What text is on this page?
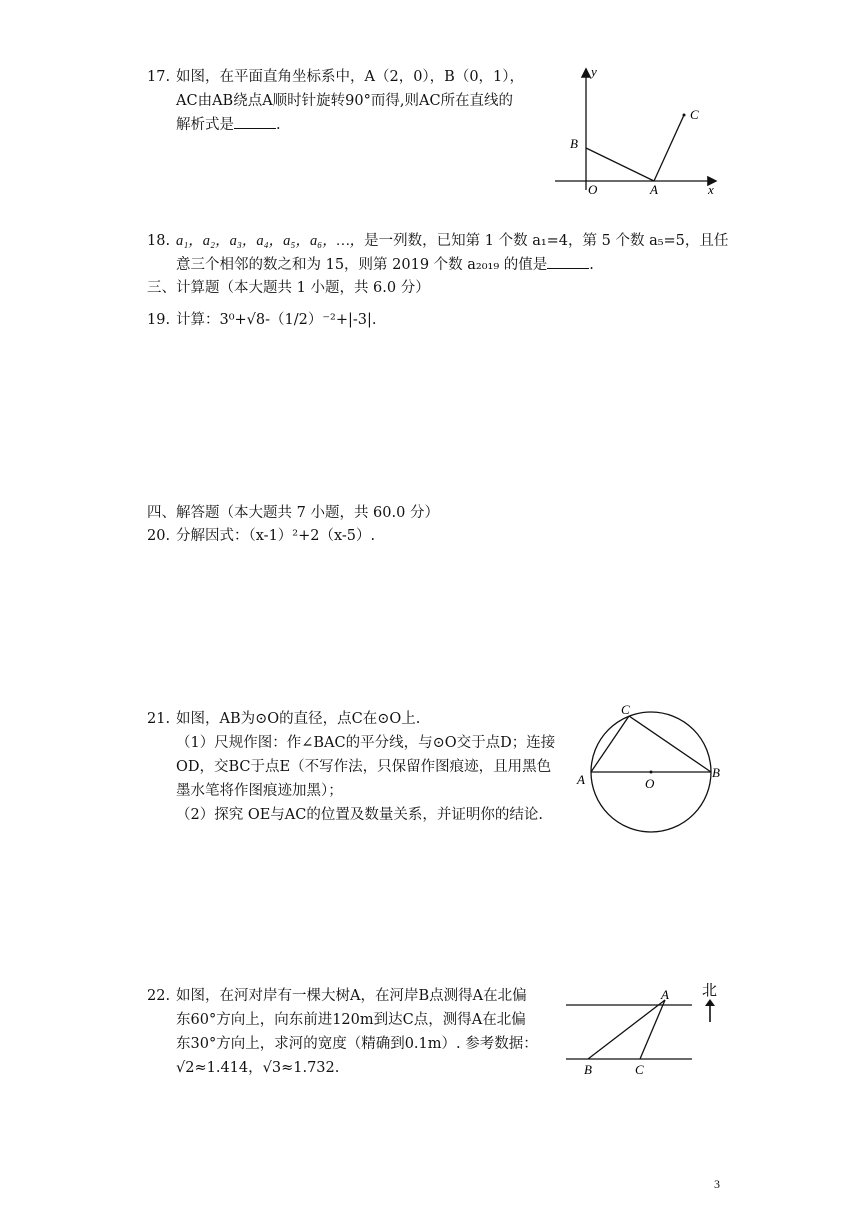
17. 如图，在平面直角坐标系中，A（2，0），B（0，1），
AC由AB绕点A顺时针旋转90°而得,则AC所在直线的
解析式是	.
y
x
B
O	A
C
18. a₁，a₂，a₃，a₄，a₅，a₆，…，是一列数，已知第 1 个数 a₁=4，第 5 个数 a₅=5，且任
意三个相邻的数之和为 15，则第 2019 个数 a₂₀₁₉ 的值是	.
三、计算题（本大题共 1 小题，共 6.0 分）
19. 计算：3⁰+√8-（1/2）⁻²+|-3|.
四、解答题（本大题共 7 小题，共 60.0 分）
20. 分解因式：（x-1）²+2（x-5）.
21. 如图，AB为⊙O的直径，点C在⊙O上.
（1）尺规作图：作∠BAC的平分线，与⊙O交于点D；连接
OD，交BC于点E（不写作法，只保留作图痕迹，且用黑色
墨水笔将作图痕迹加黑）；
（2）探究 OE与AC的位置及数量关系，并证明你的结论.
A	B
C
O
22. 如图，在河对岸有一棵大树A，在河岸B点测得A在北偏
东60°方向上，向东前进120m到达C点，测得A在北偏
东30°方向上，求河的宽度（精确到0.1m）. 参考数据：
√2≈1.414，√3≈1.732.
A
B	C
北
3
